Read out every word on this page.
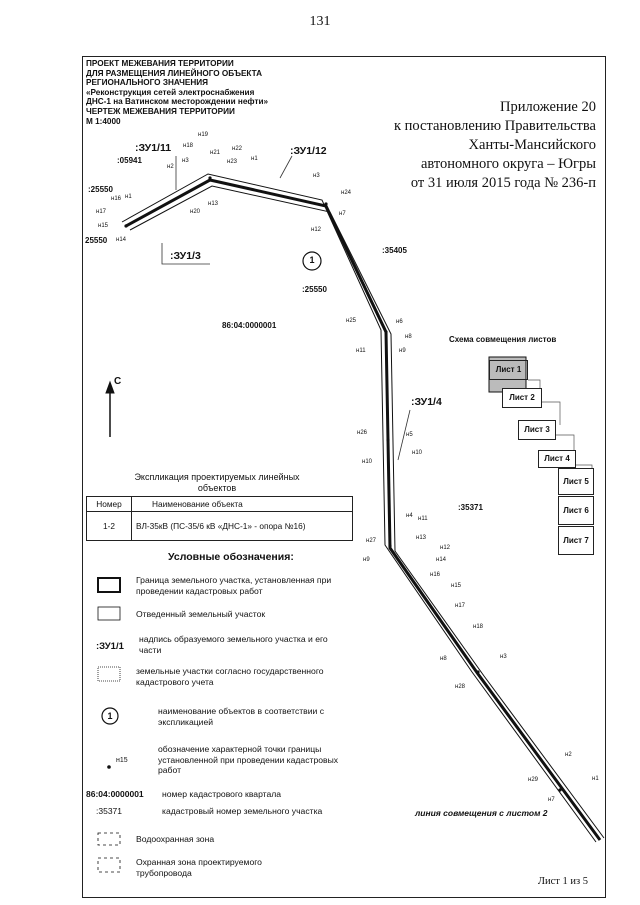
131
ПРОЕКТ МЕЖЕВАНИЯ ТЕРРИТОРИИ
ДЛЯ РАЗМЕЩЕНИЯ ЛИНЕЙНОГО ОБЪЕКТА
РЕГИОНАЛЬНОГО ЗНАЧЕНИЯ
«Реконструкция сетей электроснабжения
ДНС-1 на Ватинском месторождении нефти»
ЧЕРТЕЖ МЕЖЕВАНИЯ ТЕРРИТОРИИ
М 1:4000
Приложение 20
к постановлению Правительства
Ханты-Мансийского
автономного округа – Югры
от 31 июля 2015 года № 236-п
86:04:0000001
:05941
:25550
25550
:35405
:25550
:35371
:ЗУ1/11	:ЗУ1/12
:ЗУ1/3
:ЗУ1/4
н19
н18
н21
н22
н1
н2
н3	н23
н20
н13
н3
н24
н1
н16
н17
н15
н14
н7
н12
н25	н6
н8
н11	н9
н26	н5
н10
н10
н4 н11
н27	н13
н9
н12
н14
н15
н16
н17
н18
н8	н3
н28
н2
н29	н1
н7
1
С
линия совмещения с листом 2
Схема совмещения листов
Лист 1
Лист 2
Лист 3
Лист 4
Лист 5
Лист 6
Лист 7
Экспликация проектируемых линейных объектов
Номер	Наименование объекта
1-2	ВЛ-35кВ (ПС-35/6 кВ «ДНС-1» - опора №16)
Условные обозначения:
Граница земельного участка, установленная при проведении кадастровых работ
Отведенный земельный участок
:ЗУ1/1
надпись образуемого земельного участка и его части
земельные участки согласно государственного кадастрового учета
1	наименование объектов в соответствии с экспликацией
н15
обозначение характерной точки границы установленной при проведении кадастровых работ
86:04:0000001 номер кадастрового квартала
:35371	кадастровый номер земельного участка
Водоохранная зона
Охранная зона проектируемого трубопровода
Лист 1 из 5
